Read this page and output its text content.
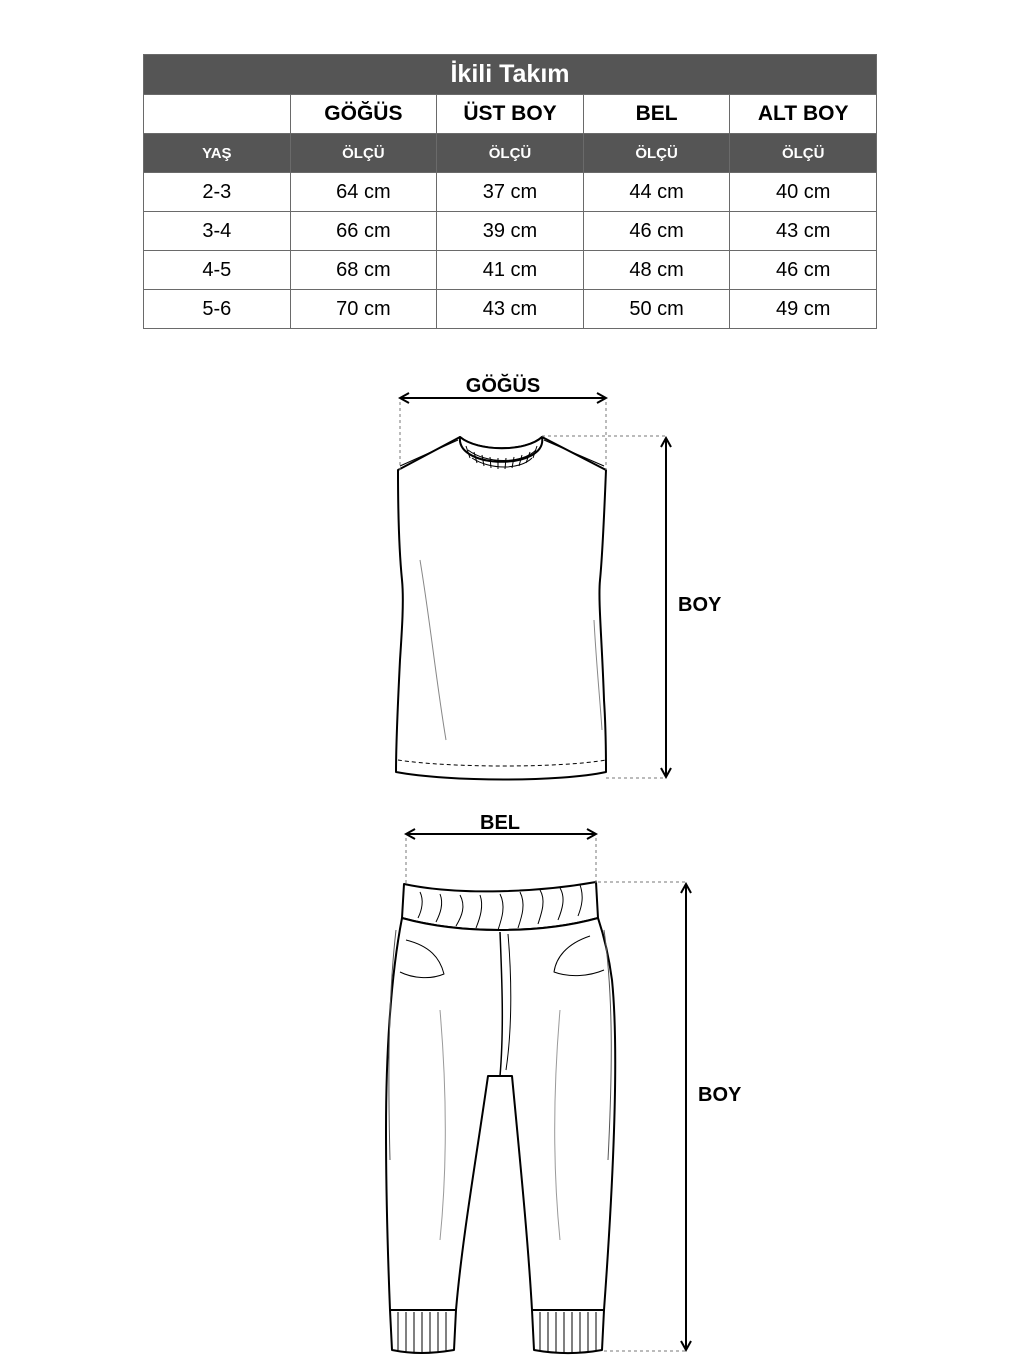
İkili Takım				
	GÖĞÜS	ÜST BOY	BEL	ALT BOY
YAŞ	ÖLÇÜ	ÖLÇÜ	ÖLÇÜ	ÖLÇÜ
2-3	64 cm	37 cm	44 cm	40 cm
3-4	66 cm	39 cm	46 cm	43 cm
4-5	68 cm	41 cm	48 cm	46 cm
5-6	70 cm	43 cm	50 cm	49 cm
GÖĞÜS
BOY
BEL
BOY
